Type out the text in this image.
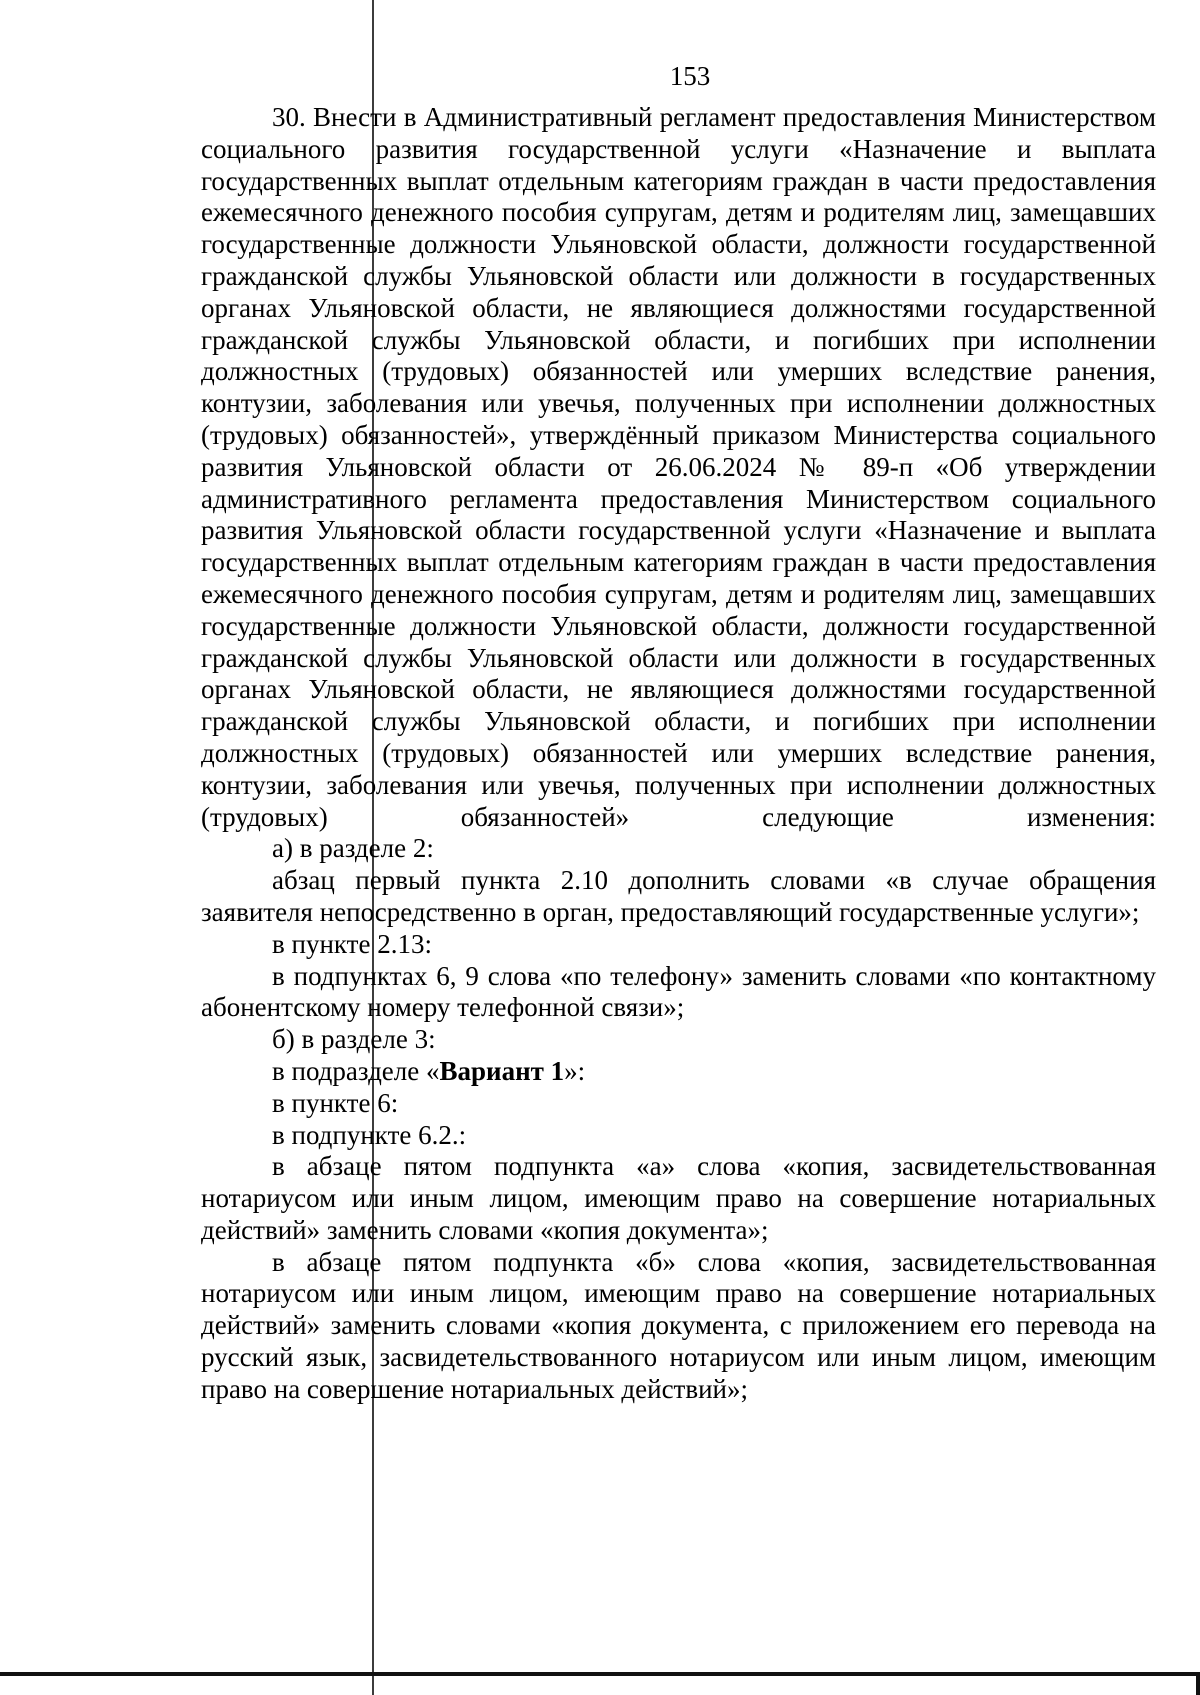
153

30. Внести в Административный регламент предоставления Министерством социального развития государственной услуги «Назначение и выплата государственных выплат отдельным категориям граждан в части предоставления ежемесячного денежного пособия супругам, детям и родителям лиц, замещавших государственные должности Ульяновской области, должности государственной гражданской службы Ульяновской области или должности в государственных органах Ульяновской области, не являющиеся должностями государственной гражданской службы Ульяновской области, и погибших при исполнении должностных (трудовых) обязанностей или умерших вследствие ранения, контузии, заболевания или увечья, полученных при исполнении должностных (трудовых) обязанностей», утверждённый приказом Министерства социального развития Ульяновской области от 26.06.2024 № 89-п «Об утверждении административного регламента предоставления Министерством социального развития Ульяновской области государственной услуги «Назначение и выплата государственных выплат отдельным категориям граждан в части предоставления ежемесячного денежного пособия супругам, детям и родителям лиц, замещавших государственные должности Ульяновской области, должности государственной гражданской службы Ульяновской области или должности в государственных органах Ульяновской области, не являющиеся должностями государственной гражданской службы Ульяновской области, и погибших при исполнении должностных (трудовых) обязанностей или умерших вследствие ранения, контузии, заболевания или увечья, полученных при исполнении должностных (трудовых) обязанностей» следующие изменения:

а) в разделе 2:

абзац первый пункта 2.10 дополнить словами «в случае обращения заявителя непосредственно в орган, предоставляющий государственные услуги»;

в пункте 2.13:

в подпунктах 6, 9 слова «по телефону» заменить словами «по контактному абонентскому номеру телефонной связи»;

б) в разделе 3:

в подразделе «Вариант 1»:

в пункте 6:

в подпункте 6.2.:

в абзаце пятом подпункта «а» слова «копия, засвидетельствованная нотариусом или иным лицом, имеющим право на совершение нотариальных действий» заменить словами «копия документа»;

в абзаце пятом подпункта «б» слова «копия, засвидетельствованная нотариусом или иным лицом, имеющим право на совершение нотариальных действий» заменить словами «копия документа, с приложением его перевода на русский язык, засвидетельствованного нотариусом или иным лицом, имеющим право на совершение нотариальных действий»;
